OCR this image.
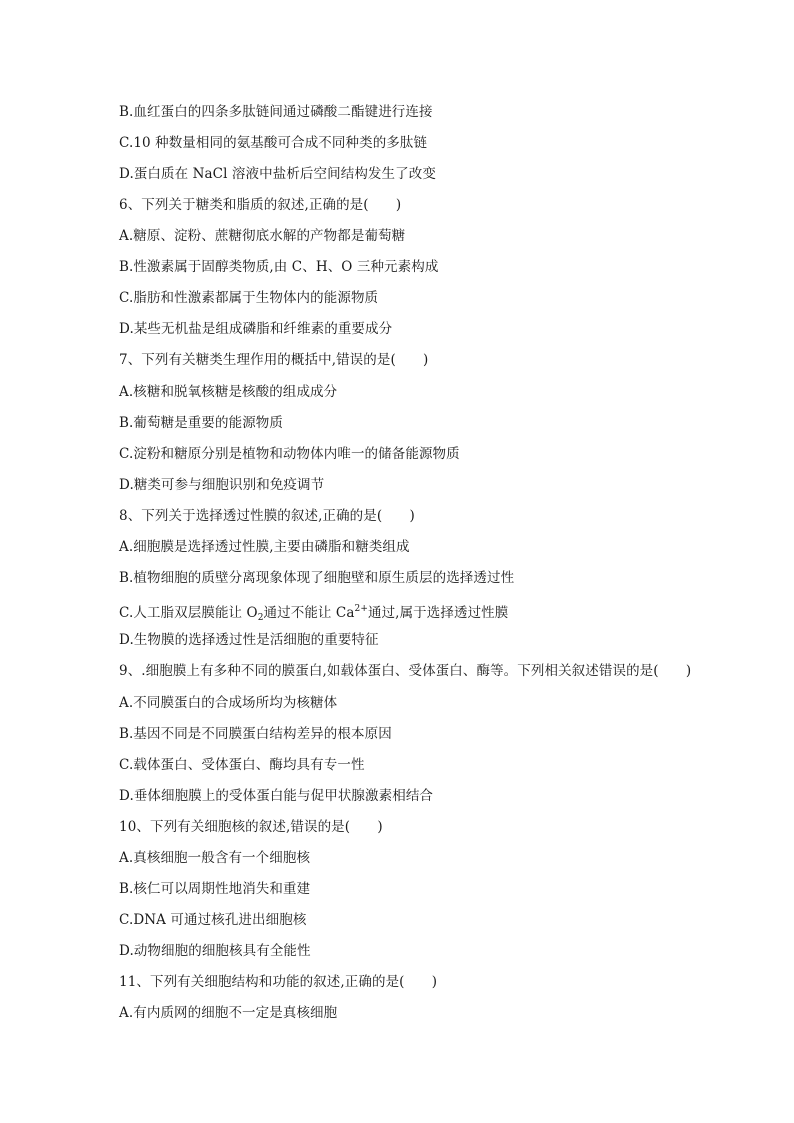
B.血红蛋白的四条多肽链间通过磷酸二酯键进行连接
C.10 种数量相同的氨基酸可合成不同种类的多肽链
D.蛋白质在 NaCl 溶液中盐析后空间结构发生了改变
6、下列关于糖类和脂质的叙述,正确的是(　　)
A.糖原、淀粉、蔗糖彻底水解的产物都是葡萄糖
B.性激素属于固醇类物质,由 C、H、O 三种元素构成
C.脂肪和性激素都属于生物体内的能源物质
D.某些无机盐是组成磷脂和纤维素的重要成分
7、下列有关糖类生理作用的概括中,错误的是(　　)
A.核糖和脱氧核糖是核酸的组成成分
B.葡萄糖是重要的能源物质
C.淀粉和糖原分别是植物和动物体内唯一的储备能源物质
D.糖类可参与细胞识别和免疫调节
8、下列关于选择透过性膜的叙述,正确的是(　　)
A.细胞膜是选择透过性膜,主要由磷脂和糖类组成
B.植物细胞的质壁分离现象体现了细胞壁和原生质层的选择透过性
C.人工脂双层膜能让 $O_2$通过不能让 $Ca^{2+}$通过,属于选择透过性膜
D.生物膜的选择透过性是活细胞的重要特征
9、.细胞膜上有多种不同的膜蛋白,如载体蛋白、受体蛋白、酶等。下列相关叙述错误的是(　　)
A.不同膜蛋白的合成场所均为核糖体
B.基因不同是不同膜蛋白结构差异的根本原因
C.载体蛋白、受体蛋白、酶均具有专一性
D.垂体细胞膜上的受体蛋白能与促甲状腺激素相结合
10、下列有关细胞核的叙述,错误的是(　　)
A.真核细胞一般含有一个细胞核
B.核仁可以周期性地消失和重建
C.DNA 可通过核孔进出细胞核
D.动物细胞的细胞核具有全能性
11、下列有关细胞结构和功能的叙述,正确的是(　　)
A.有内质网的细胞不一定是真核细胞
